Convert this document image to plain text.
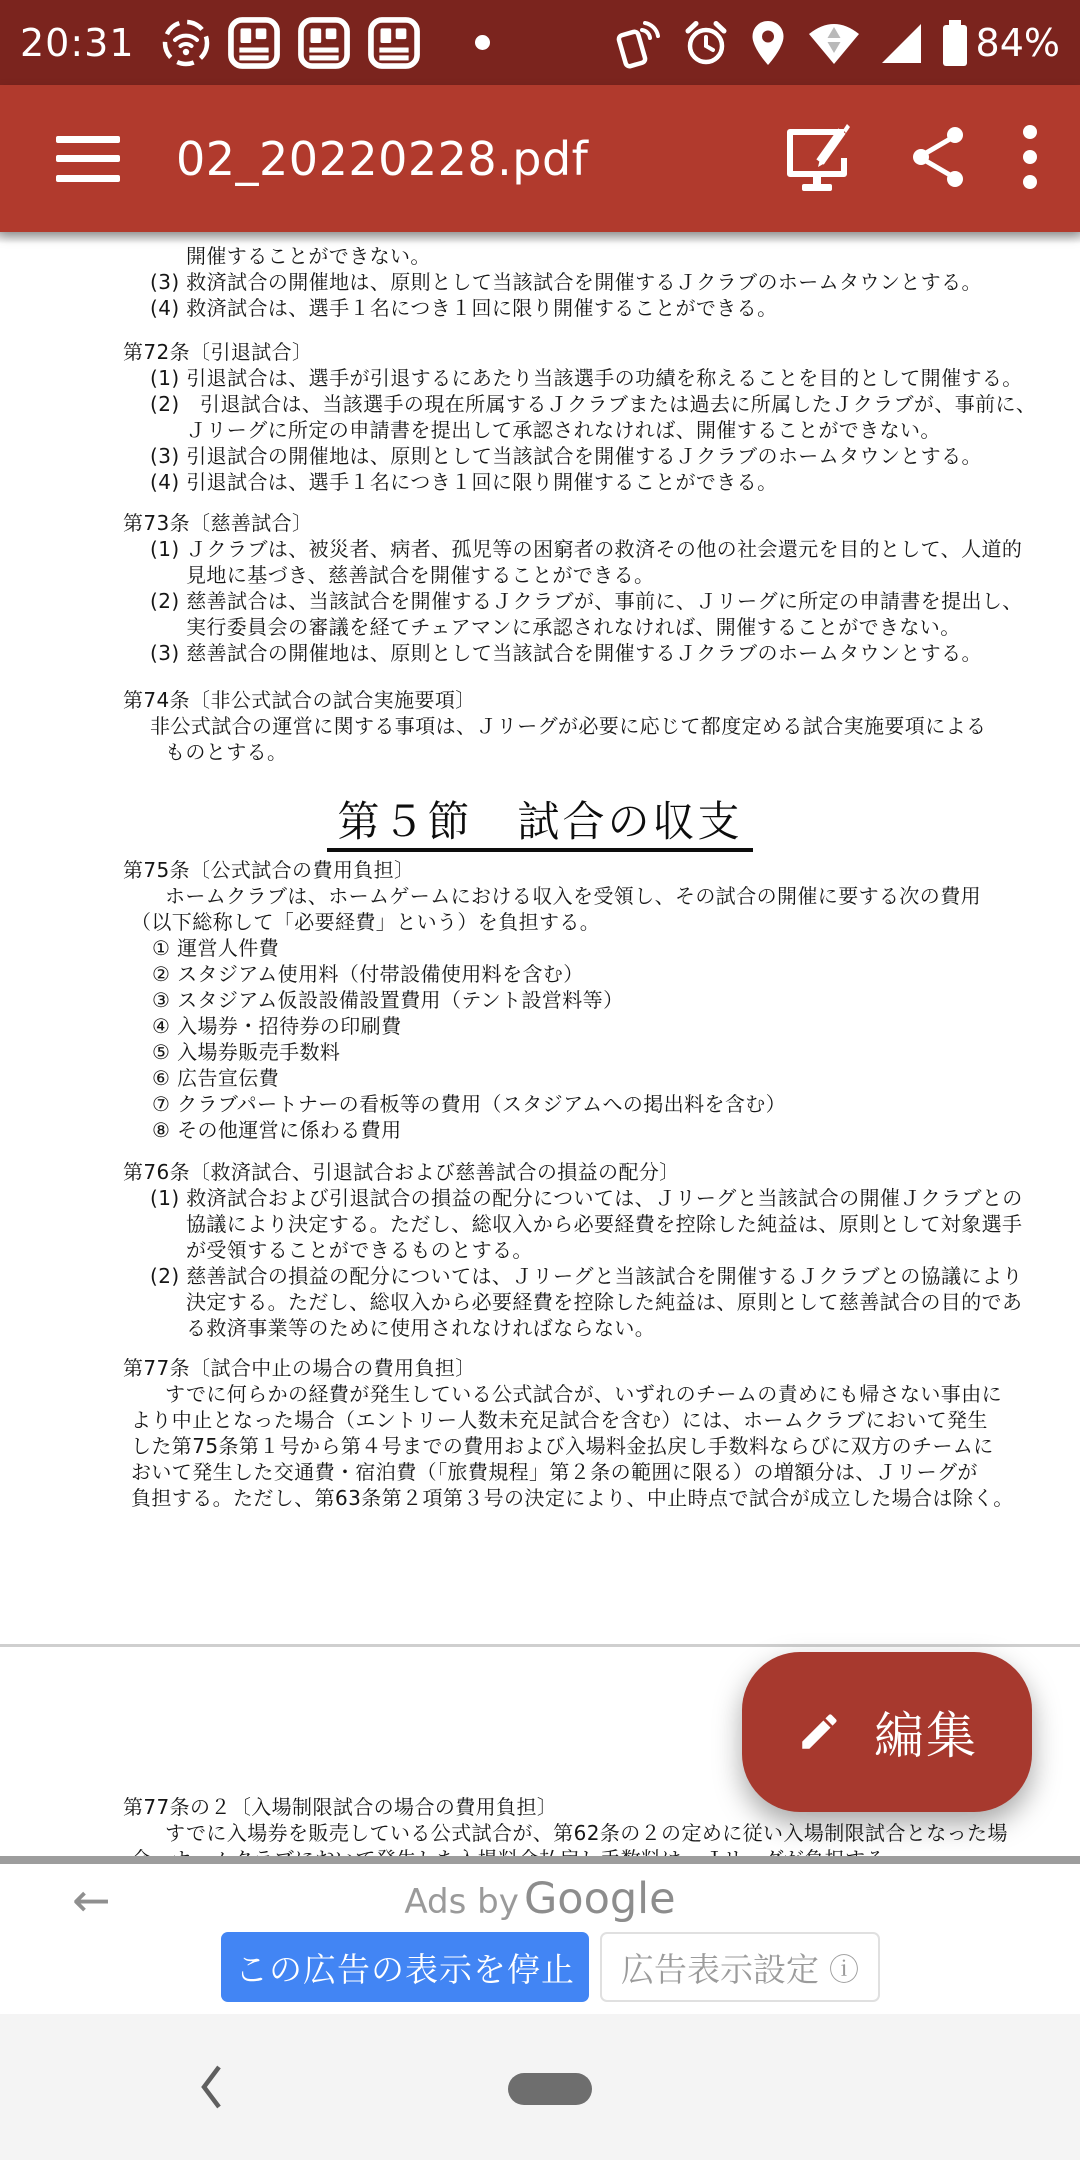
20:31	84%
02_20220228.pdf
開催することができない。
(3) 救済試合の開催地は、原則として当該試合を開催するＪクラブのホームタウンとする。
(4) 救済試合は、選手１名につき１回に限り開催することができる。
第72条〔引退試合〕
(1) 引退試合は、選手が引退するにあたり当該選手の功績を称えることを目的として開催する。
(2)　引退試合は、当該選手の現在所属するＪクラブまたは過去に所属したＪクラブが、事前に、
Ｊリーグに所定の申請書を提出して承認されなければ、開催することができない。
(3) 引退試合の開催地は、原則として当該試合を開催するＪクラブのホームタウンとする。
(4) 引退試合は、選手１名につき１回に限り開催することができる。
第73条〔慈善試合〕
(1) Ｊクラブは、被災者、病者、孤児等の困窮者の救済その他の社会還元を目的として、人道的
見地に基づき、慈善試合を開催することができる。
(2) 慈善試合は、当該試合を開催するＪクラブが、事前に、Ｊリーグに所定の申請書を提出し、
実行委員会の審議を経てチェアマンに承認されなければ、開催することができない。
(3) 慈善試合の開催地は、原則として当該試合を開催するＪクラブのホームタウンとする。
第74条〔非公式試合の試合実施要項〕
非公式試合の運営に関する事項は、Ｊリーグが必要に応じて都度定める試合実施要項による
ものとする。
第５節　試合の収支
第75条〔公式試合の費用負担〕
ホームクラブは、ホームゲームにおける収入を受領し、その試合の開催に要する次の費用
（以下総称して「必要経費」という）を負担する。
① 運営人件費
② スタジアム使用料（付帯設備使用料を含む）
③ スタジアム仮設設備設置費用（テント設営料等）
④ 入場券・招待券の印刷費
⑤ 入場券販売手数料
⑥ 広告宣伝費
⑦ クラブパートナーの看板等の費用（スタジアムへの掲出料を含む）
⑧ その他運営に係わる費用
第76条〔救済試合、引退試合および慈善試合の損益の配分〕
(1) 救済試合および引退試合の損益の配分については、Ｊリーグと当該試合の開催Ｊクラブとの
協議により決定する。ただし、総収入から必要経費を控除した純益は、原則として対象選手
が受領することができるものとする。
(2) 慈善試合の損益の配分については、Ｊリーグと当該試合を開催するＪクラブとの協議により
決定する。ただし、総収入から必要経費を控除した純益は、原則として慈善試合の目的であ
る救済事業等のために使用されなければならない。
第77条〔試合中止の場合の費用負担〕
すでに何らかの経費が発生している公式試合が、いずれのチームの責めにも帰さない事由に
より中止となった場合（エントリー人数未充足試合を含む）には、ホームクラブにおいて発生
した第75条第１号から第４号までの費用および入場料金払戻し手数料ならびに双方のチームに
おいて発生した交通費・宿泊費（「旅費規程」第２条の範囲に限る）の増額分は、Ｊリーグが
負担する。ただし、第63条第２項第３号の決定により、中止時点で試合が成立した場合は除く。
第77条の２〔入場制限試合の場合の費用負担〕
すでに入場券を販売している公式試合が、第62条の２の定めに従い入場制限試合となった場
編集
←	Ads by Google
この広告の表示を停止	広告表示設定 ⓘ
